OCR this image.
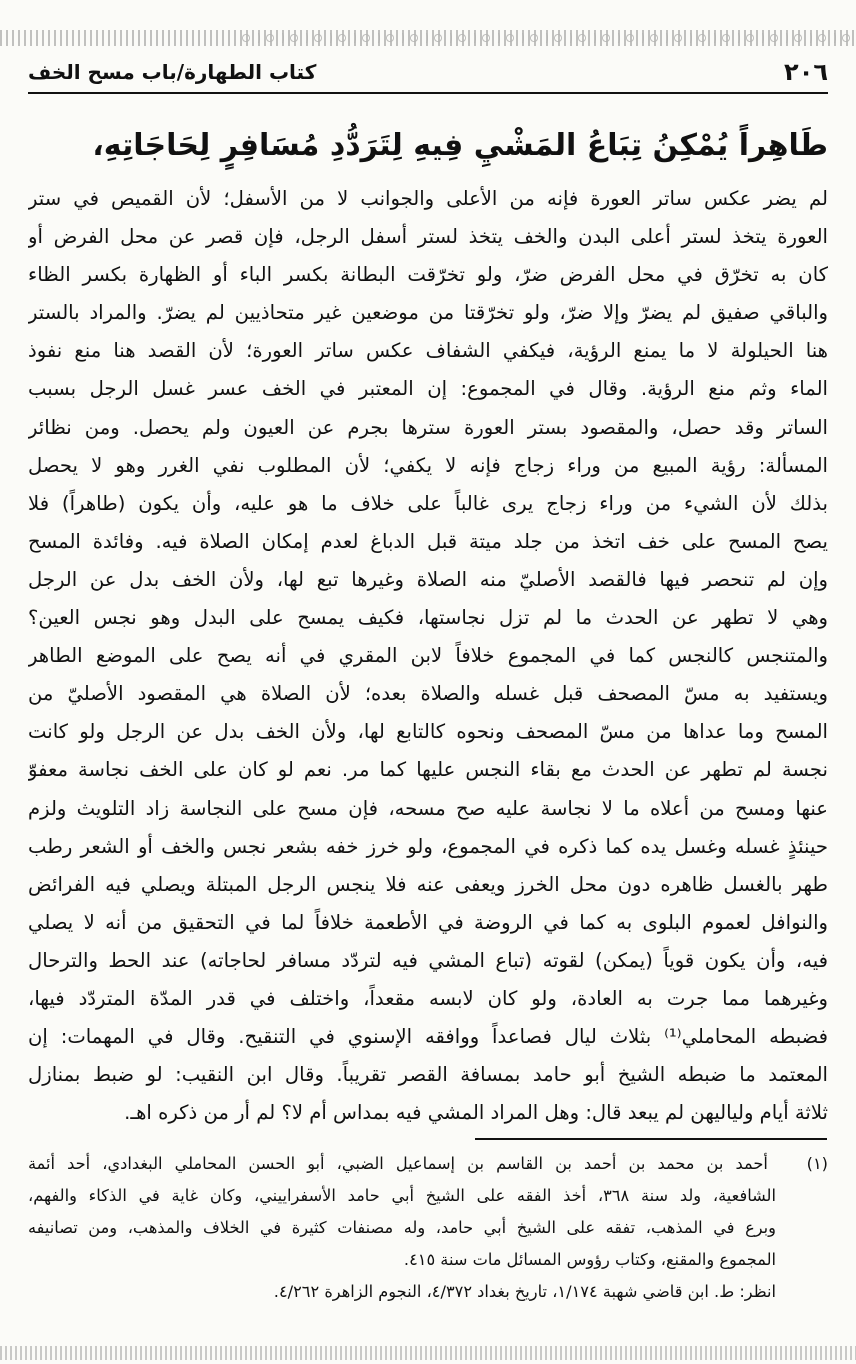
٢٠٦
كتاب الطهارة/باب مسح الخف
طَاهِراً يُمْكِنُ تِبَاعُ المَشْيِ فِيهِ لِتَرَدُّدِ مُسَافِرٍ لِحَاجَاتِهِ،
لم يضر عكس ساتر العورة فإنه من الأعلى والجوانب لا من الأسفل؛ لأن القميص في ستر
العورة يتخذ لستر أعلى البدن والخف يتخذ لستر أسفل الرجل، فإن قصر عن محل الفرض أو
كان به تخرّق في محل الفرض ضرّ، ولو تخرّقت البطانة بكسر الباء أو الظهارة بكسر الظاء
والباقي صفيق لم يضرّ وإلا ضرّ، ولو تخرّقتا من موضعين غير متحاذيين لم يضرّ. والمراد بالستر
هنا الحيلولة لا ما يمنع الرؤية، فيكفي الشفاف عكس ساتر العورة؛ لأن القصد هنا منع نفوذ
الماء وثم منع الرؤية. وقال في المجموع: إن المعتبر في الخف عسر غسل الرجل بسبب
الساتر وقد حصل، والمقصود بستر العورة سترها بجرم عن العيون ولم يحصل. ومن نظائر
المسألة: رؤية المبيع من وراء زجاج فإنه لا يكفي؛ لأن المطلوب نفي الغرر وهو لا يحصل
بذلك لأن الشيء من وراء زجاج يرى غالباً على خلاف ما هو عليه، وأن يكون (طاهراً) فلا
يصح المسح على خف اتخذ من جلد ميتة قبل الدباغ لعدم إمكان الصلاة فيه. وفائدة المسح
وإن لم تنحصر فيها فالقصد الأصليّ منه الصلاة وغيرها تبع لها، ولأن الخف بدل عن الرجل
وهي لا تطهر عن الحدث ما لم تزل نجاستها، فكيف يمسح على البدل وهو نجس العين؟
والمتنجس كالنجس كما في المجموع خلافاً لابن المقري في أنه يصح على الموضع الطاهر
ويستفيد به مسّ المصحف قبل غسله والصلاة بعده؛ لأن الصلاة هي المقصود الأصليّ من
المسح وما عداها من مسّ المصحف ونحوه كالتابع لها، ولأن الخف بدل عن الرجل ولو كانت
نجسة لم تطهر عن الحدث مع بقاء النجس عليها كما مر. نعم لو كان على الخف نجاسة معفوّ
عنها ومسح من أعلاه ما لا نجاسة عليه صح مسحه، فإن مسح على النجاسة زاد التلويث ولزم
حينئذٍ غسله وغسل يده كما ذكره في المجموع، ولو خرز خفه بشعر نجس والخف أو الشعر رطب
طهر بالغسل ظاهره دون محل الخرز ويعفى عنه فلا ينجس الرجل المبتلة ويصلي فيه الفرائض
والنوافل لعموم البلوى به كما في الروضة في الأطعمة خلافاً لما في التحقيق من أنه لا يصلي
فيه، وأن يكون قوياً (يمكن) لقوته (تباع المشي فيه لتردّد مسافر لحاجاته) عند الحط والترحال
وغيرهما مما جرت به العادة، ولو كان لابسه مقعداً، واختلف في قدر المدّة المتردّد فيها،
فضبطه المحاملي⁽¹⁾ بثلاث ليال فصاعداً ووافقه الإسنوي في التنقيح. وقال في المهمات: إن
المعتمد ما ضبطه الشيخ أبو حامد بمسافة القصر تقريباً. وقال ابن النقيب: لو ضبط بمنازل
ثلاثة أيام ولياليهن لم يبعد قال: وهل المراد المشي فيه بمداس أم لا؟ لم أر من ذكره اهـ.
(١) أحمد بن محمد بن أحمد بن القاسم بن إسماعيل الضبي، أبو الحسن المحاملي البغدادي، أحد أئمة
الشافعية، ولد سنة ٣٦٨، أخذ الفقه على الشيخ أبي حامد الأسفراييني، وكان غاية في الذكاء والفهم،
وبرع في المذهب، تفقه على الشيخ أبي حامد، وله مصنفات كثيرة في الخلاف والمذهب، ومن تصانيفه
المجموع والمقنع، وكتاب رؤوس المسائل مات سنة ٤١٥.
انظر: ط. ابن قاضي شهبة ١/١٧٤، تاريخ بغداد ٤/٣٧٢، النجوم الزاهرة ٤/٢٦٢.
